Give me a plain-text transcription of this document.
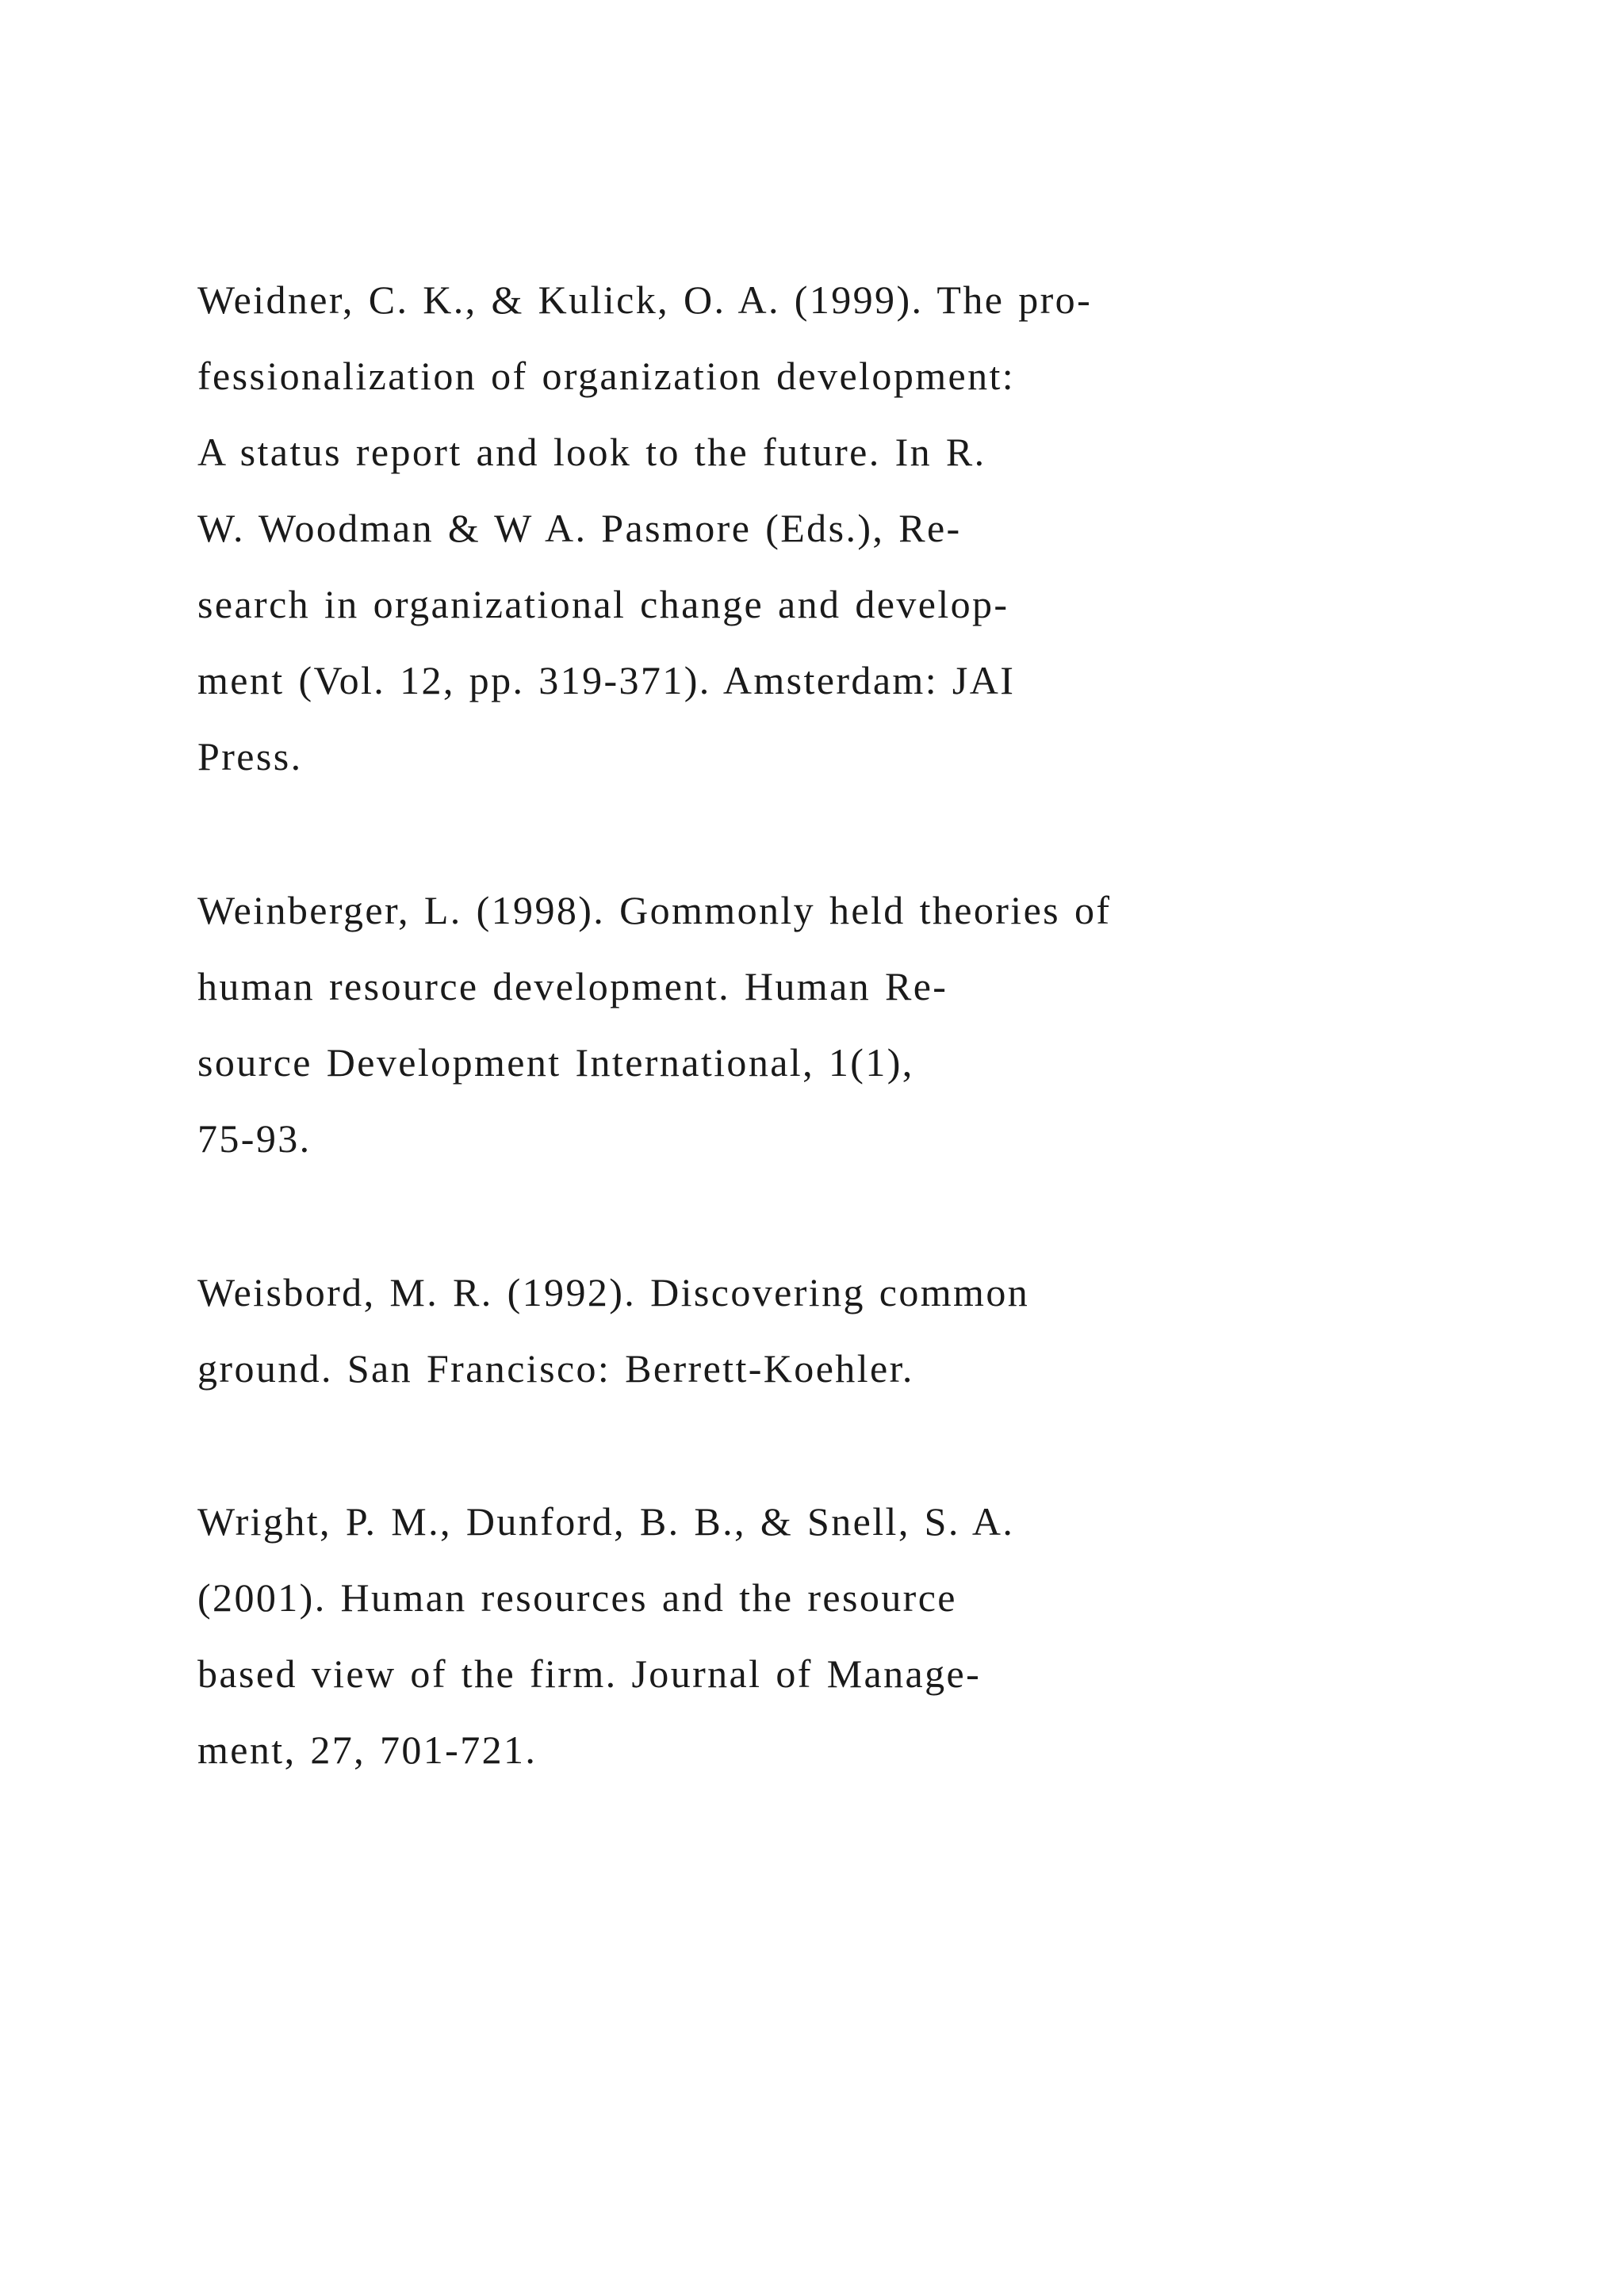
Weidner, C. K., & Kulick, O. A. (1999). The pro-
fessionalization of organization development:
A status report and look to the future. In R.
W. Woodman & W A. Pasmore (Eds.), Re-
search in organizational change and develop-
ment (Vol. 12, pp. 319-371). Amsterdam: JAI
Press.
Weinberger, L. (1998). Gommonly held theories of
human resource development. Human Re-
source Development International, 1(1),
75-93.
Weisbord, M. R. (1992). Discovering common
ground. San Francisco: Berrett-Koehler.
Wright, P. M., Dunford, B. B., & Snell, S. A.
(2001). Human resources and the resource
based view of the firm. Journal of Manage-
ment, 27, 701-721.
